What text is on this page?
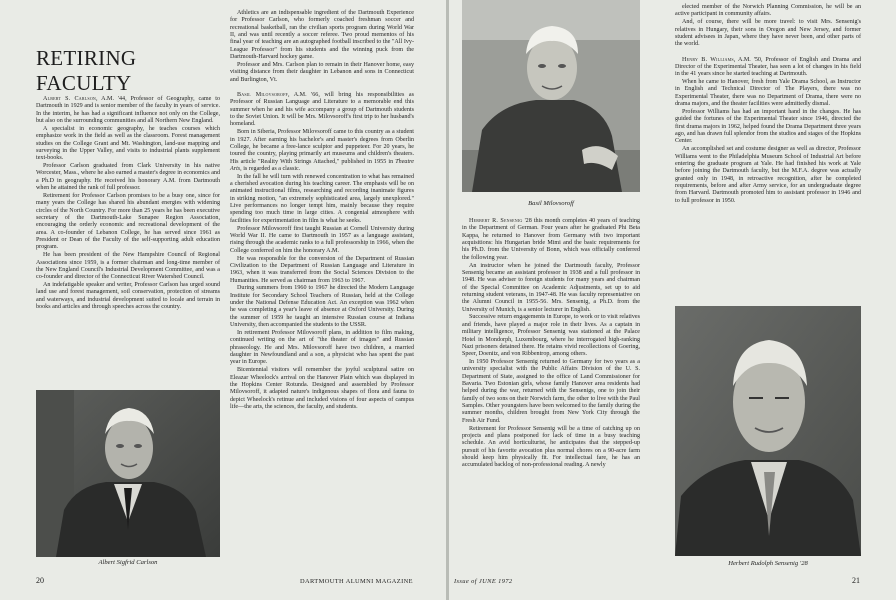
RETIRING FACULTY

Albert S. Carlson, A.M. '44, Professor of Geography, came to Dartmouth in 1929 and is senior member of the faculty in years of service. In the interim, he has had a significant influence not only on the College, but also on the surrounding communities and all Northern New England.

A specialist in economic geography, he teaches courses which emphasize work in the field as well as the classroom. Forest management studies on the College Grant and Mt. Washington, land-use mapping and surveying in the Upper Valley, and visits to industrial plants supplement text-books.

Professor Carlson graduated from Clark University in his native Worcester, Mass., where he also earned a master's degree in economics and a Ph.D in geography. He received his honorary A.M. from Dartmouth when he attained the rank of full professor.

Retirement for Professor Carlson promises to be a busy one, since for many years the College has shared his abundant energies with widening circles of the North Country. For more than 25 years he has been executive secretary of the Dartmouth-Lake Sunapee Region Association, encouraging the orderly economic and recreational development of the area. A co-founder of Lebanon College, he has served since 1961 as President or Dean of the Faculty of the self-supporting adult education program.

He has been president of the New Hampshire Council of Regional Associations since 1959, is a former chairman and long-time member of the New England Council's Industrial Development Committee, and was a co-founder and director of the Connecticut River Watershed Council.

An indefatigable speaker and writer, Professor Carlson has urged sound land use and forest management, soil conservation, protection of streams and waterways, and industrial development suited to locale and terrain in books and articles and through speeches across the country.

Athletics are an indispensable ingredient of the Dartmouth Experience for Professor Carlson, who formerly coached freshman soccer and recreational basketball, ran the civilian sports program during World War II, and was until recently a soccer referee. Two proud mementos of his final year of teaching are an autographed football inscribed to the "All Ivy-League Professor" from his students and the winning puck from the Dartmouth-Harvard hockey game.

Professor and Mrs. Carlson plan to remain in their Hanover home, easy visiting distance from their daughter in Lebanon and sons in Connecticut and Burlington, Vt.

Basil Milovsoroff, A.M. '66, will bring his responsibilities as Professor of Russian Language and Literature to a memorable end this summer when he and his wife accompany a group of Dartmouth students to the Soviet Union. It will be Mrs. Milovsoroff's first trip to her husband's homeland.

Born in Siberia, Professor Milovsoroff came to this country as a student in 1927. After earning his bachelor's and master's degrees from Oberlin College, he became a free-lance sculptor and puppeteer. For 20 years, he toured the country, playing primarily art museums and children's theaters. His article "Reality With Strings Attached," published in 1955 in Theatre Arts, is regarded as a classic.

In the fall he will turn with renewed concentration to what has remained a cherished avocation during his teaching career. The emphasis will be on animated instructional films, researching and recording inanimate figures in striking motion, "an extremely sophisticated area, largely unexplored." Live performances no longer tempt him, mainly because they require spending too much time in large cities. A congenial atmosphere with facilities for experimentation in film is what he seeks.

Professor Milovsoroff first taught Russian at Cornell University during World War II. He came to Dartmouth in 1957 as a language assistant, rising through the academic ranks to a full professorship in 1966, when the College conferred on him the honorary A.M.

He was responsible for the conversion of the Department of Russian Civilization to the Department of Russian Language and Literature in 1963, when it was transferred from the Social Sciences Division to the Humanities. He served as chairman from 1963 to 1967.

During summers from 1960 to 1967 he directed the Modern Language Institute for Secondary School Teachers of Russian, held at the College under the National Defense Education Act. An exception was 1962 when he was completing a year's leave of absence at Oxford University. During the summer of 1959 he taught an intensive Russian course at Indiana University, then accompanied the students to the USSR.

In retirement Professor Milovsoroff plans, in addition to film making, continued writing on the art of "the theater of images" and Russian phraseology. He and Mrs. Milovsoroff have two children, a married daughter in Newfoundland and a son, a physicist who has spent the past year in Europe.

Bicentennial visitors will remember the joyful sculptural satire on Eleazar Wheelock's arrival on the Hanover Plain which was displayed in the Hopkins Center Rotunda. Designed and assembled by Professor Milovsoroff, it adapted nature's indigenous shapes of flora and fauna to depict Wheelock's retinue and included visions of four aspects of campus life—the arts, the sciences, the faculty, and students.

Albert Sigfrid Carlson
20	DARTMOUTH ALUMNI MAGAZINE
Basil Milovsoroff

Herbert R. Sensenig '28 this month completes 40 years of teaching in the Department of German. Four years after he graduated Phi Beta Kappa, he returned to Hanover from Germany with two important acquisitions: his Hungarian bride Mimi and the basic requirements for his Ph.D. from the University of Bonn, which was officially conferred the following year.

An instructor when he joined the Dartmouth faculty, Professor Sensenig became an assistant professor in 1938 and a full professor in 1948. He was adviser to foreign students for many years and chairman of the Special Committee on Academic Adjustments, set up to aid returning student veterans, in 1947-48. He was faculty representative on the Alumni Council in 1955-56. Mrs. Sensenig, a Ph.D. from the University of Munich, is a senior lecturer in English.

Successive return engagements in Europe, to work or to visit relatives and friends, have played a major role in their lives. As a captain in military intelligence, Professor Sensenig was stationed at the Palace Hotel in Mondorph, Luxembourg, where he interrogated high-ranking Nazi prisoners detained there. He retains vivid recollections of Goering, Speer, Doenitz, and von Ribbentrop, among others.

In 1950 Professor Sensenig returned to Germany for two years as a university specialist with the Public Affairs Division of the U. S. Department of State, assigned to the office of Land Commissioner for Bavaria. Two Estonian girls, whose family Hanover area residents had helped during the war, returned with the Sensenigs, one to join their family of two sons on their Norwich farm, the other to live with the Paul Samples. Other youngsters have been welcomed to the family during the summer months, children brought from New York City through the Fresh Air Fund.

Retirement for Professor Sensenig will be a time of catching up on projects and plans postponed for lack of time in a busy teaching schedule. An avid horticulturist, he anticipates that the stepped-up pursuit of his favorite avocation plus normal chores on a 90-acre farm should keep him physically fit. For intellectual fare, he has an accumulated backlog of non-professional reading. A newly

elected member of the Norwich Planning Commission, he will be an active participant in community affairs.

And, of course, there will be more travel: to visit Mrs. Sensenig's relatives in Hungary, their sons in Oregon and New Jersey, and former student advisees in Japan, where they have never been, and other parts of the world.

Henry B. Williams, A.M. '50, Professor of English and Drama and Director of the Experimental Theater, has seen a lot of changes in his field in the 41 years since he started teaching at Dartmouth.

When he came to Hanover, fresh from Yale Drama School, as Instructor in English and Technical Director of The Players, there was no Experimental Theater, there was no Department of Drama, there were no drama majors, and the theater facilities were admittedly dismal.

Professor Williams has had an important hand in the changes. He has guided the fortunes of the Experimental Theater since 1946, directed the first drama majors in 1962, helped found the Drama Department three years ago, and has drawn full splendor from the studios and stages of the Hopkins Center.

An accomplished set and costume designer as well as director, Professor Williams went to the Philadelphia Museum School of Industrial Art before entering the graduate program at Yale. He had finished his work at Yale before joining the Dartmouth faculty, but the M.F.A. degree was actually granted only in 1948, in retroactive recognition, after he completed requirements, before and after Army service, for an undergraduate degree from Harvard. Dartmouth promoted him to assistant professor in 1946 and to full professor in 1950.

Herbert Rudolph Sensenig '28
Issue of JUNE 1972	21
